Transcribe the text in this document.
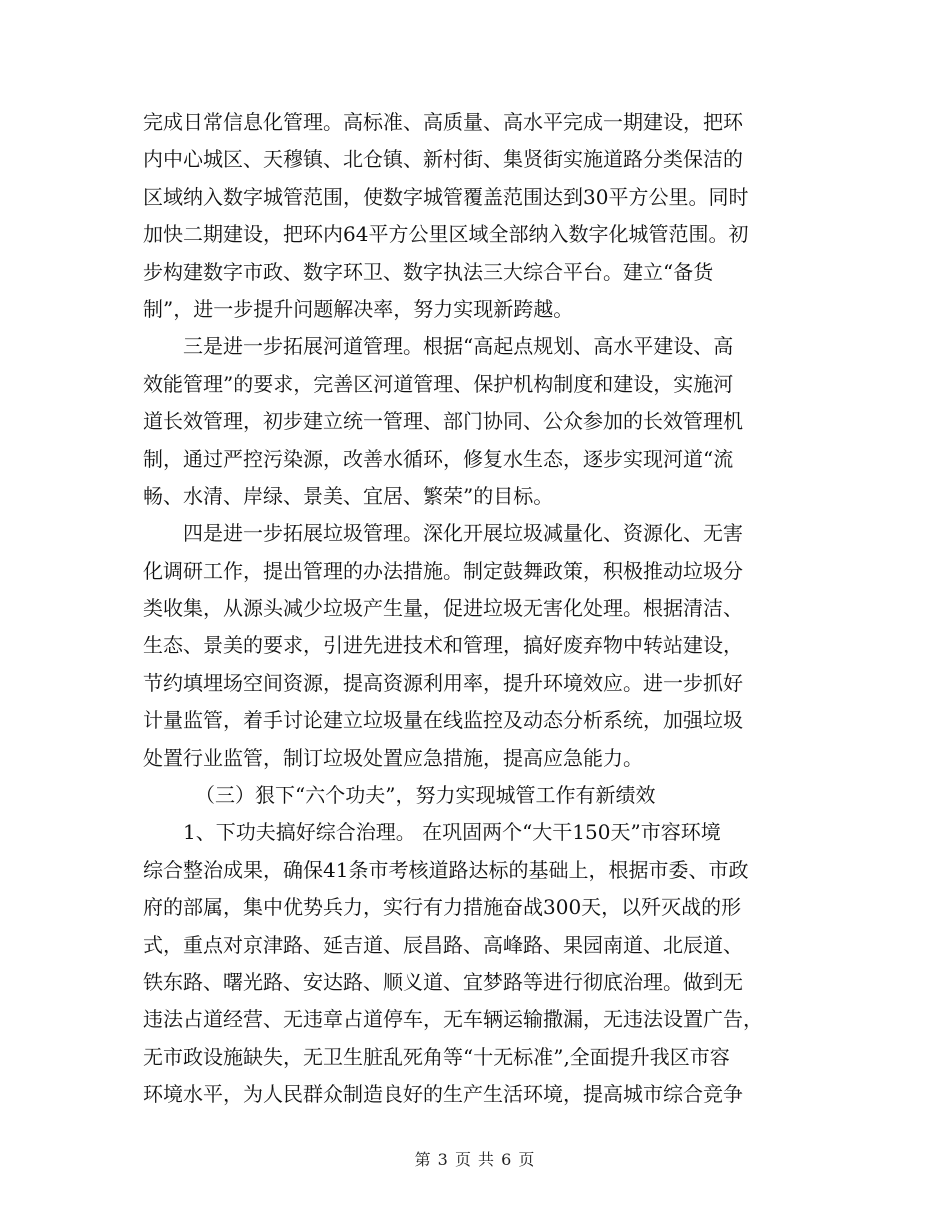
完成日常信息化管理。高标准、高质量、高水平完成一期建设，把环
内中心城区、天穆镇、北仓镇、新村街、集贤街实施道路分类保洁的
区域纳入数字城管范围，使数字城管覆盖范围达到30平方公里。同时
加快二期建设，把环内64平方公里区域全部纳入数字化城管范围。初
步构建数字市政、数字环卫、数字执法三大综合平台。建立“备货
制”，进一步提升问题解决率，努力实现新跨越。
三是进一步拓展河道管理。根据“高起点规划、高水平建设、高
效能管理”的要求，完善区河道管理、保护机构制度和建设，实施河
道长效管理，初步建立统一管理、部门协同、公众参加的长效管理机
制，通过严控污染源，改善水循环，修复水生态，逐步实现河道“流
畅、水清、岸绿、景美、宜居、繁荣”的目标。
四是进一步拓展垃圾管理。深化开展垃圾减量化、资源化、无害
化调研工作，提出管理的办法措施。制定鼓舞政策，积极推动垃圾分
类收集，从源头减少垃圾产生量，促进垃圾无害化处理。根据清洁、
生态、景美的要求，引进先进技术和管理，搞好废弃物中转站建设，
节约填埋场空间资源，提高资源利用率，提升环境效应。进一步抓好
计量监管，着手讨论建立垃圾量在线监控及动态分析系统，加强垃圾
处置行业监管，制订垃圾处置应急措施，提高应急能力。
（三）狠下“六个功夫”，努力实现城管工作有新绩效
1、下功夫搞好综合治理。 在巩固两个“大干150天”市容环境
综合整治成果，确保41条市考核道路达标的基础上，根据市委、市政
府的部属，集中优势兵力，实行有力措施奋战300天，以歼灭战的形
式，重点对京津路、延吉道、辰昌路、高峰路、果园南道、北辰道、
铁东路、曙光路、安达路、顺义道、宜梦路等进行彻底治理。做到无
违法占道经营、无违章占道停车，无车辆运输撒漏，无违法设置广告，
无市政设施缺失，无卫生脏乱死角等“十无标准”,全面提升我区市容
环境水平，为人民群众制造良好的生产生活环境，提高城市综合竞争
第 3 页 共 6 页
